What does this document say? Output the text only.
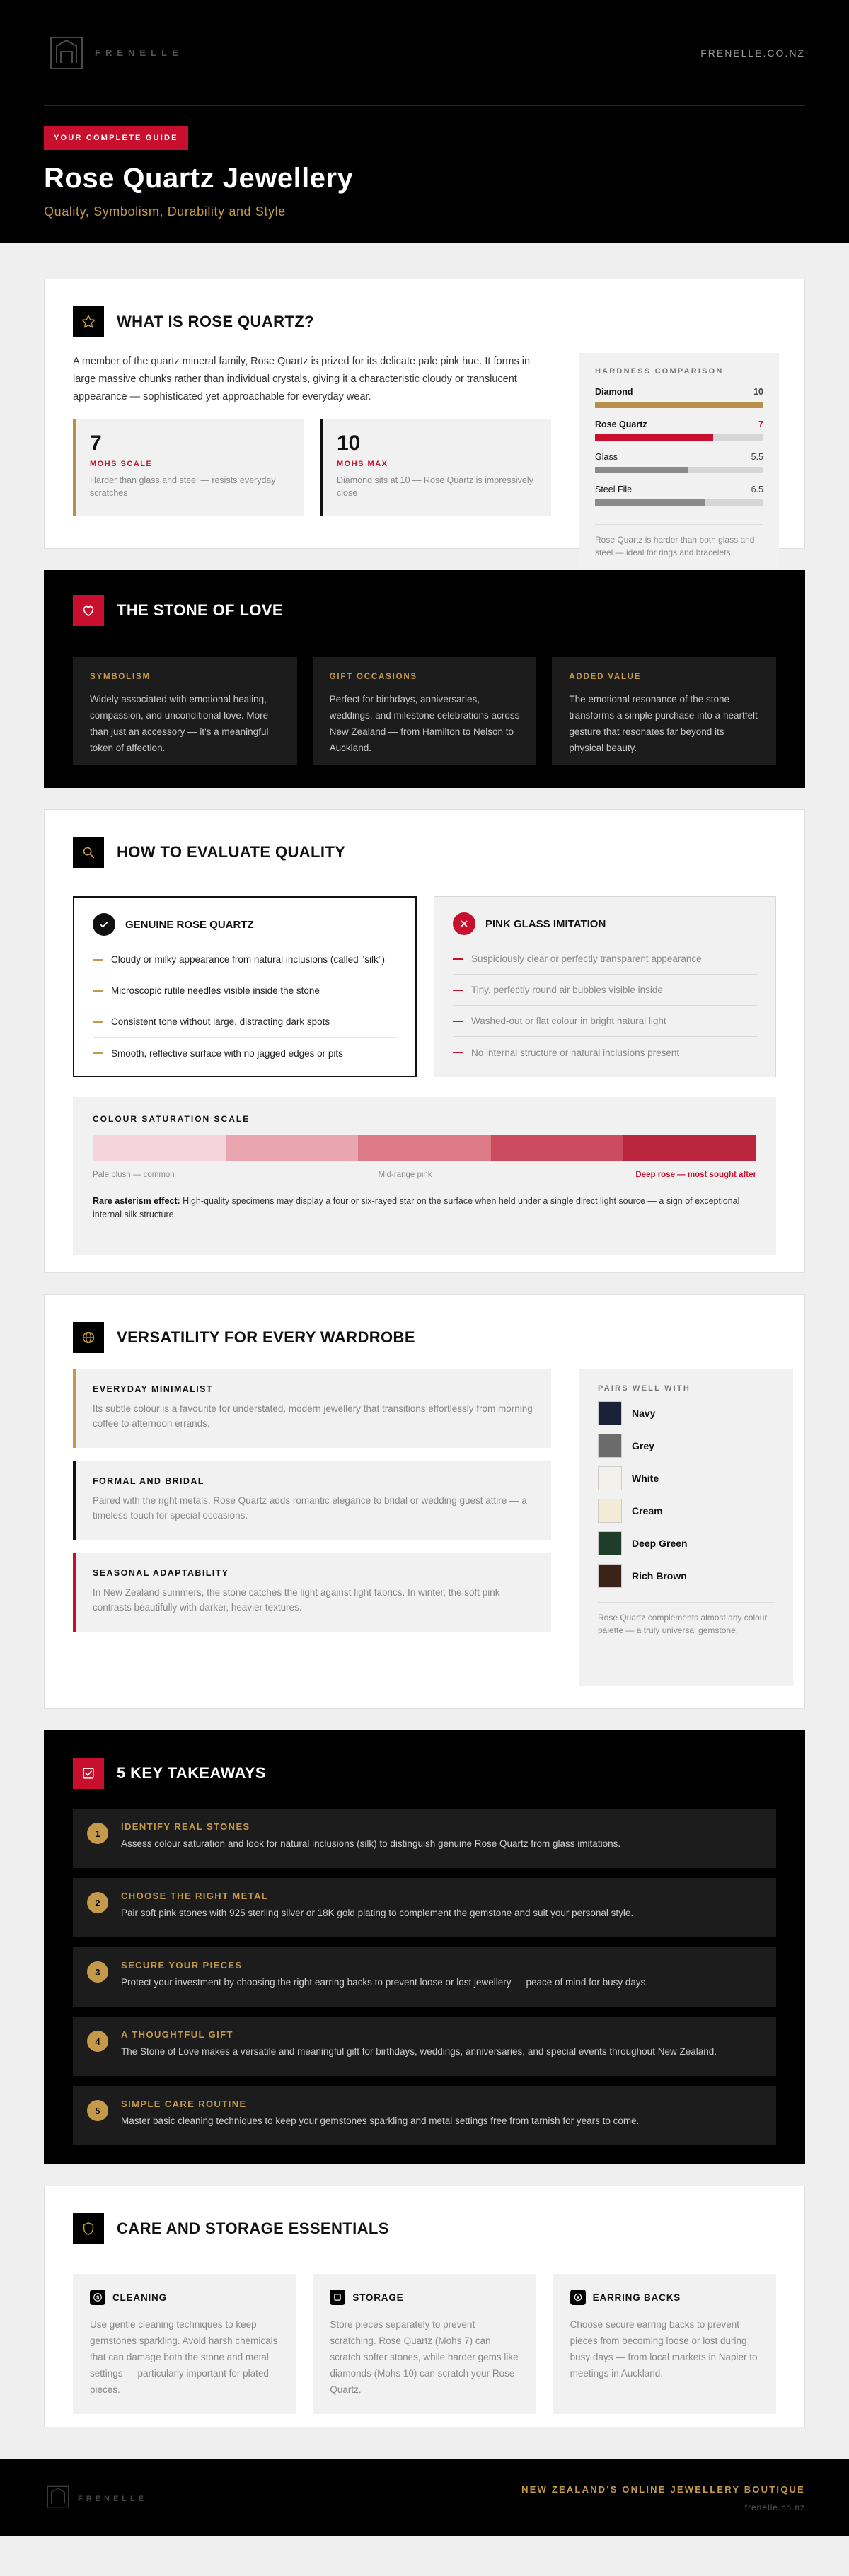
FRENELLE	FRENELLE.CO.NZ
YOUR COMPLETE GUIDE
Rose Quartz Jewellery
Quality, Symbolism, Durability and Style
WHAT IS ROSE QUARTZ?

A member of the quartz mineral family, Rose Quartz is prized for its delicate pale pink hue. It forms in large massive chunks rather than individual crystals, giving it a characteristic cloudy or translucent appearance — sophisticated yet approachable for everyday wear.

7
MOHS SCALE
Harder than glass and steel — resists everyday scratches
10
MOHS MAX
Diamond sits at 10 — Rose Quartz is impressively close
HARDNESS COMPARISON
Diamond	10
Rose Quartz	7
Glass	5.5
Steel File	6.5
Rose Quartz is harder than both glass and steel — ideal for rings and bracelets.
THE STONE OF LOVE
SYMBOLISM
Widely associated with emotional healing, compassion, and unconditional love. More than just an accessory — it's a meaningful token of affection.
GIFT OCCASIONS
Perfect for birthdays, anniversaries, weddings, and milestone celebrations across New Zealand — from Hamilton to Nelson to Auckland.
ADDED VALUE
The emotional resonance of the stone transforms a simple purchase into a heartfelt gesture that resonates far beyond its physical beauty.
HOW TO EVALUATE QUALITY
GENUINE ROSE QUARTZ
Cloudy or milky appearance from natural inclusions (called "silk")
Microscopic rutile needles visible inside the stone
Consistent tone without large, distracting dark spots
Smooth, reflective surface with no jagged edges or pits
PINK GLASS IMITATION
Suspiciously clear or perfectly transparent appearance
Tiny, perfectly round air bubbles visible inside
Washed-out or flat colour in bright natural light
No internal structure or natural inclusions present
COLOUR SATURATION SCALE
Pale blush — common	Mid-range pink	Deep rose — most sought after
Rare asterism effect: High-quality specimens may display a four or six-rayed star on the surface when held under a single direct light source — a sign of exceptional internal silk structure.
VERSATILITY FOR EVERY WARDROBE
EVERYDAY MINIMALIST
Its subtle colour is a favourite for understated, modern jewellery that transitions effortlessly from morning coffee to afternoon errands.
FORMAL AND BRIDAL
Paired with the right metals, Rose Quartz adds romantic elegance to bridal or wedding guest attire — a timeless touch for special occasions.
SEASONAL ADAPTABILITY
In New Zealand summers, the stone catches the light against light fabrics. In winter, the soft pink contrasts beautifully with darker, heavier textures.
PAIRS WELL WITH
Navy
Grey
White
Cream
Deep Green
Rich Brown
Rose Quartz complements almost any colour palette — a truly universal gemstone.
5 KEY TAKEAWAYS
1
IDENTIFY REAL STONES
Assess colour saturation and look for natural inclusions (silk) to distinguish genuine Rose Quartz from glass imitations.
2
CHOOSE THE RIGHT METAL
Pair soft pink stones with 925 sterling silver or 18K gold plating to complement the gemstone and suit your personal style.
3
SECURE YOUR PIECES
Protect your investment by choosing the right earring backs to prevent loose or lost jewellery — peace of mind for busy days.
4
A THOUGHTFUL GIFT
The Stone of Love makes a versatile and meaningful gift for birthdays, weddings, anniversaries, and special events throughout New Zealand.
5
SIMPLE CARE ROUTINE
Master basic cleaning techniques to keep your gemstones sparkling and metal settings free from tarnish for years to come.
CARE AND STORAGE ESSENTIALS
$ CLEANING
Use gentle cleaning techniques to keep gemstones sparkling. Avoid harsh chemicals that can damage both the stone and metal settings — particularly important for plated pieces.
STORAGE
Store pieces separately to prevent scratching. Rose Quartz (Mohs 7) can scratch softer stones, while harder gems like diamonds (Mohs 10) can scratch your Rose Quartz.
EARRING BACKS
Choose secure earring backs to prevent pieces from becoming loose or lost during busy days — from local markets in Napier to meetings in Auckland.
FRENELLE
NEW ZEALAND'S ONLINE JEWELLERY BOUTIQUE
frenelle.co.nz
